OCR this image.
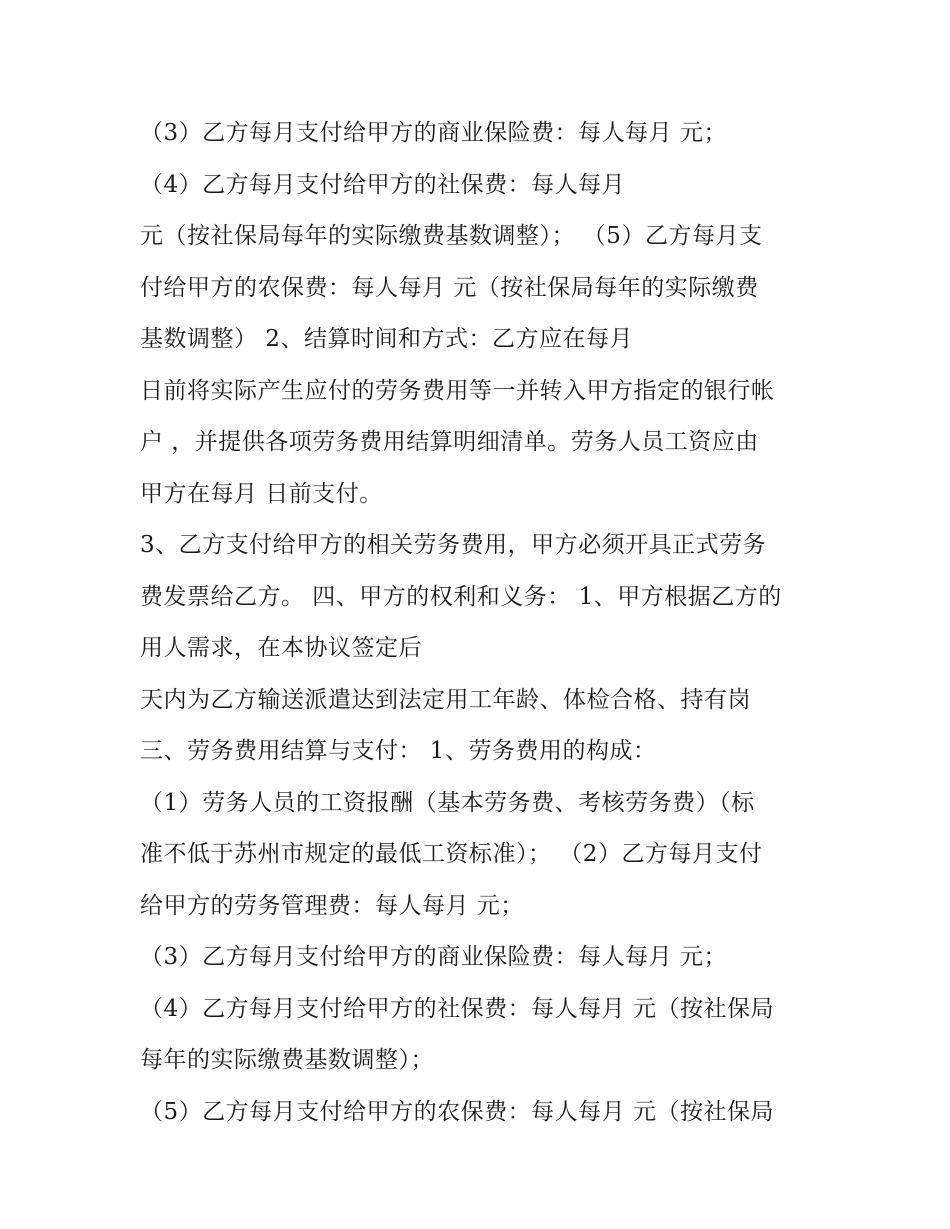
（3）乙方每月支付给甲方的商业保险费：每人每月 元；
（4）乙方每月支付给甲方的社保费：每人每月
元（按社保局每年的实际缴费基数调整）； （5）乙方每月支
付给甲方的农保费：每人每月 元（按社保局每年的实际缴费
基数调整） 2、结算时间和方式：乙方应在每月
日前将实际产生应付的劳务费用等一并转入甲方指定的银行帐
户 ，并提供各项劳务费用结算明细清单。劳务人员工资应由
甲方在每月 日前支付。
3、乙方支付给甲方的相关劳务费用，甲方必须开具正式劳务
费发票给乙方。 四、甲方的权利和义务： 1、甲方根据乙方的
用人需求，在本协议签定后
天内为乙方输送派遣达到法定用工年龄、体检合格、持有岗
三、劳务费用结算与支付： 1、劳务费用的构成：
（1）劳务人员的工资报酬（基本劳务费、考核劳务费）（标
准不低于苏州市规定的最低工资标准）； （2）乙方每月支付
给甲方的劳务管理费：每人每月 元；
（3）乙方每月支付给甲方的商业保险费：每人每月 元；
（4）乙方每月支付给甲方的社保费：每人每月 元（按社保局
每年的实际缴费基数调整）；
（5）乙方每月支付给甲方的农保费：每人每月 元（按社保局
